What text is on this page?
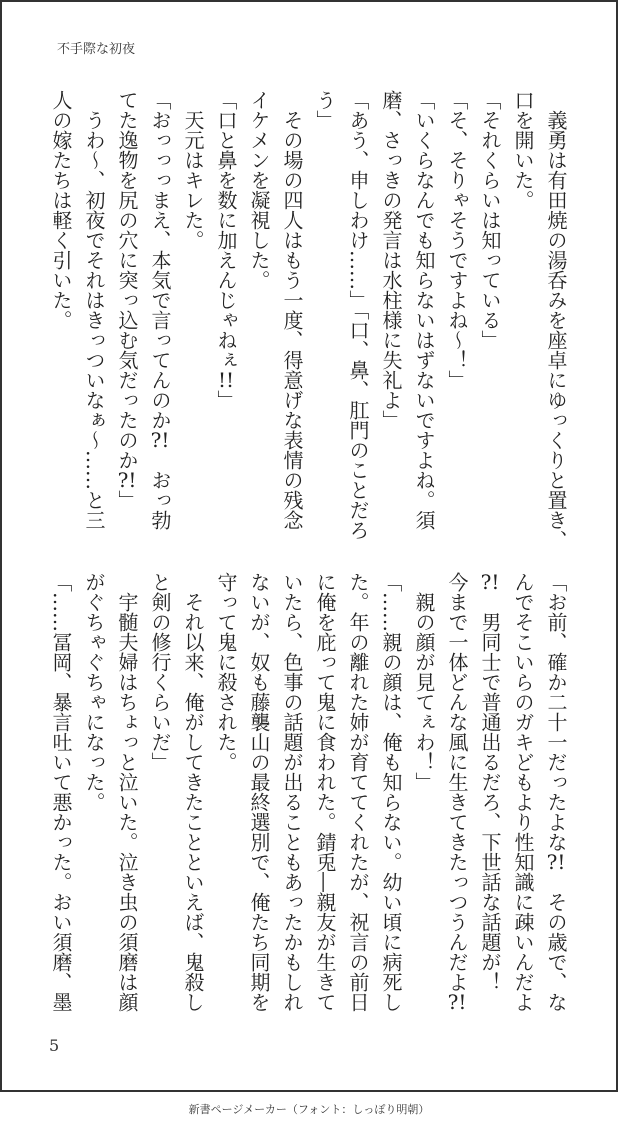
不手際な初夜
　義勇は有田焼の湯呑みを座卓にゆっくりと置き、
口を開いた。
「それくらいは知っている」
「そ、そりゃそうですよね〜！」
「いくらなんでも知らないはずないですよね。須
磨、さっきの発言は水柱様に失礼よ」
「あう、申しわけ……」「口、鼻、肛門のことだろ
う」
　その場の四人はもう一度、得意げな表情の残念
イケメンを凝視した。
「口と鼻を数に加えんじゃねぇ!!」
　天元はキレた。
「おっっっまえ、本気で言ってんのか?!　おっ勃
てた逸物を尻の穴に突っ込む気だったのか?!」
　うわ〜、初夜でそれはきっついなぁ〜……と三
人の嫁たちは軽く引いた。
「お前、確か二十一だったよな?!　その歳で、な
んでそこいらのガキどもより性知識に疎いんだよ
?!　男同士で普通出るだろ、下世話な話題が！
今まで一体どんな風に生きてきたっつうんだよ?!
　親の顔が見てぇわ！」
「……親の顔は、俺も知らない。幼い頃に病死し
た。年の離れた姉が育ててくれたが、祝言の前日
に俺を庇って鬼に食われた。錆兎―親友が生きて
いたら、色事の話題が出ることもあったかもしれ
ないが、奴も藤襲山の最終選別で、俺たち同期を
守って鬼に殺された。
　それ以来、俺がしてきたことといえば、鬼殺し
と剣の修行くらいだ」
　宇髄夫婦はちょっと泣いた。泣き虫の須磨は顔
がぐちゃぐちゃになった。
「……冨岡、暴言吐いて悪かった。おい須磨、墨
5
新書ページメーカー（フォント：しっぽり明朝）
